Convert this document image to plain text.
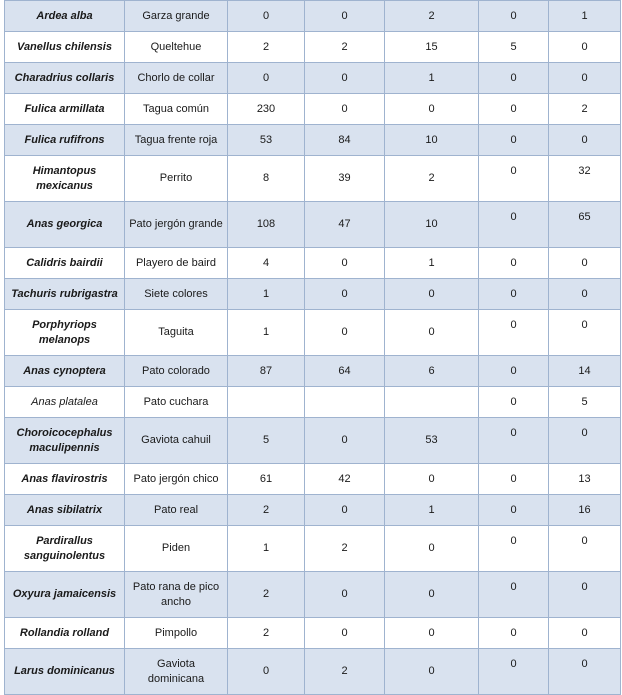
Ardea alba	Garza grande	0	0	2	0	1
Vanellus chilensis	Queltehue	2	2	15	5	0
Charadrius collaris	Chorlo de collar	0	0	1	0	0
Fulica armillata	Tagua común	230	0	0	0	2
Fulica rufifrons	Tagua frente roja	53	84	10	0	0
Himantopus mexicanus	Perrito	8	39	2	0	32
Anas georgica	Pato jergón grande	108	47	10	0	65
Calidris bairdii	Playero de baird	4	0	1	0	0
Tachuris rubrigastra	Siete colores	1	0	0	0	0
Porphyriops melanops	Taguita	1	0	0	0	0
Anas cynoptera	Pato colorado	87	64	6	0	14
Anas platalea	Pato cuchara				0	5
Choroicocephalus maculipennis	Gaviota cahuil	5	0	53	0	0
Anas flavirostris	Pato jergón chico	61	42	0	0	13
Anas sibilatrix	Pato real	2	0	1	0	16
Pardirallus sanguinolentus	Piden	1	2	0	0	0
Oxyura jamaicensis	Pato rana de pico ancho	2	0	0	0	0
Rollandia rolland	Pimpollo	2	0	0	0	0
Larus dominicanus	Gaviota dominicana	0	2	0	0	0
